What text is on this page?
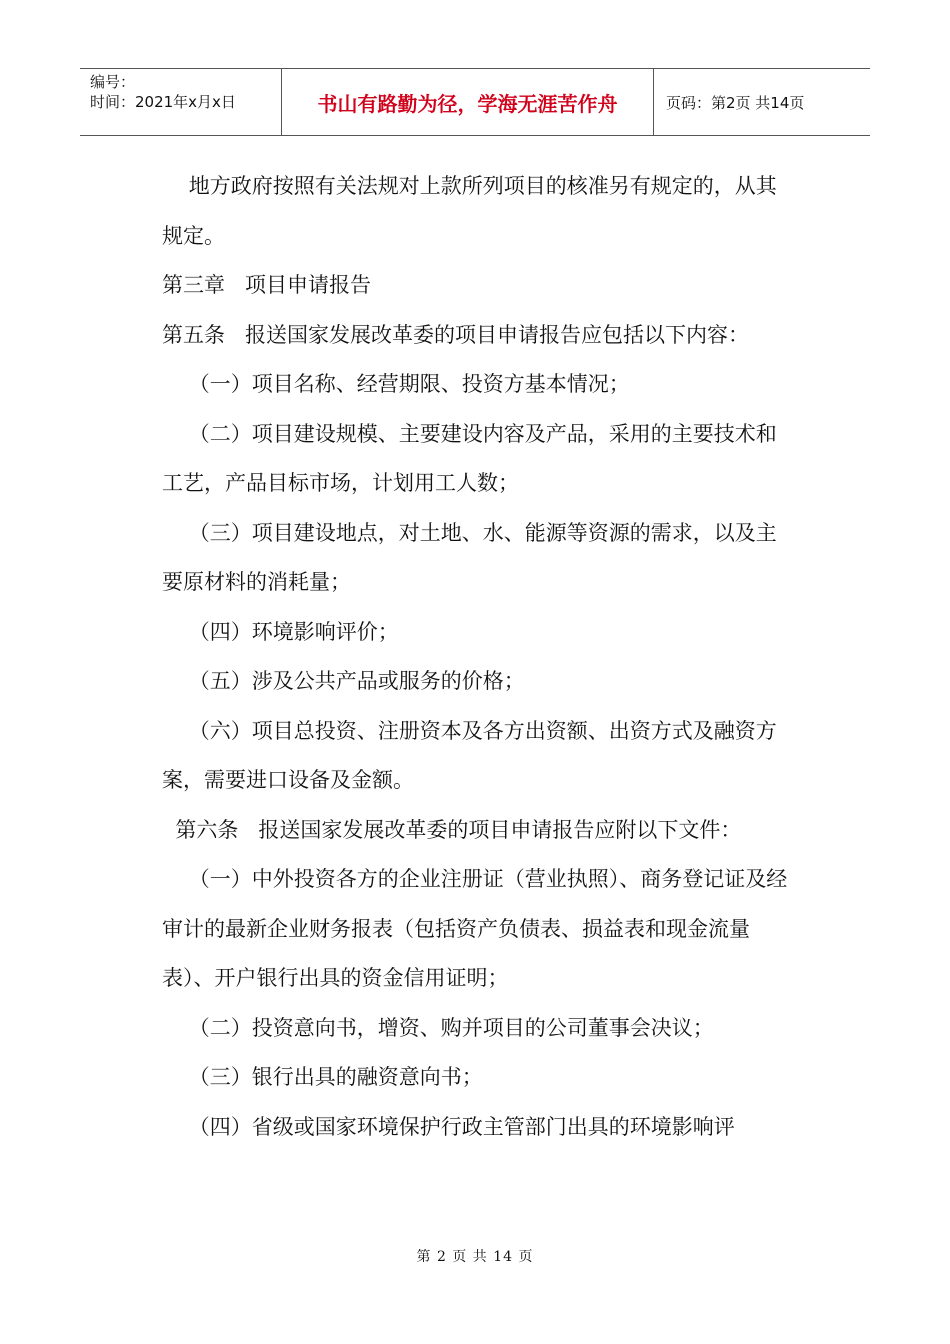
编号：
时间：2021年x月x日	书山有路勤为径，学海无涯苦作舟	页码：第2页 共14页

地方政府按照有关法规对上款所列项目的核准另有规定的，从其规定。

第三章   项目申请报告

第五条   报送国家发展改革委的项目申请报告应包括以下内容：

（一）项目名称、经营期限、投资方基本情况；

（二）项目建设规模、主要建设内容及产品，采用的主要技术和工艺，产品目标市场，计划用工人数；

（三）项目建设地点，对土地、水、能源等资源的需求，以及主要原材料的消耗量；

（四）环境影响评价；

（五）涉及公共产品或服务的价格；

（六）项目总投资、注册资本及各方出资额、出资方式及融资方案，需要进口设备及金额。

第六条   报送国家发展改革委的项目申请报告应附以下文件：

（一）中外投资各方的企业注册证（营业执照）、商务登记证及经审计的最新企业财务报表（包括资产负债表、损益表和现金流量表）、开户银行出具的资金信用证明；

（二）投资意向书，增资、购并项目的公司董事会决议；

（三）银行出具的融资意向书；

（四）省级或国家环境保护行政主管部门出具的环境影响评

第 2 页 共 14 页
